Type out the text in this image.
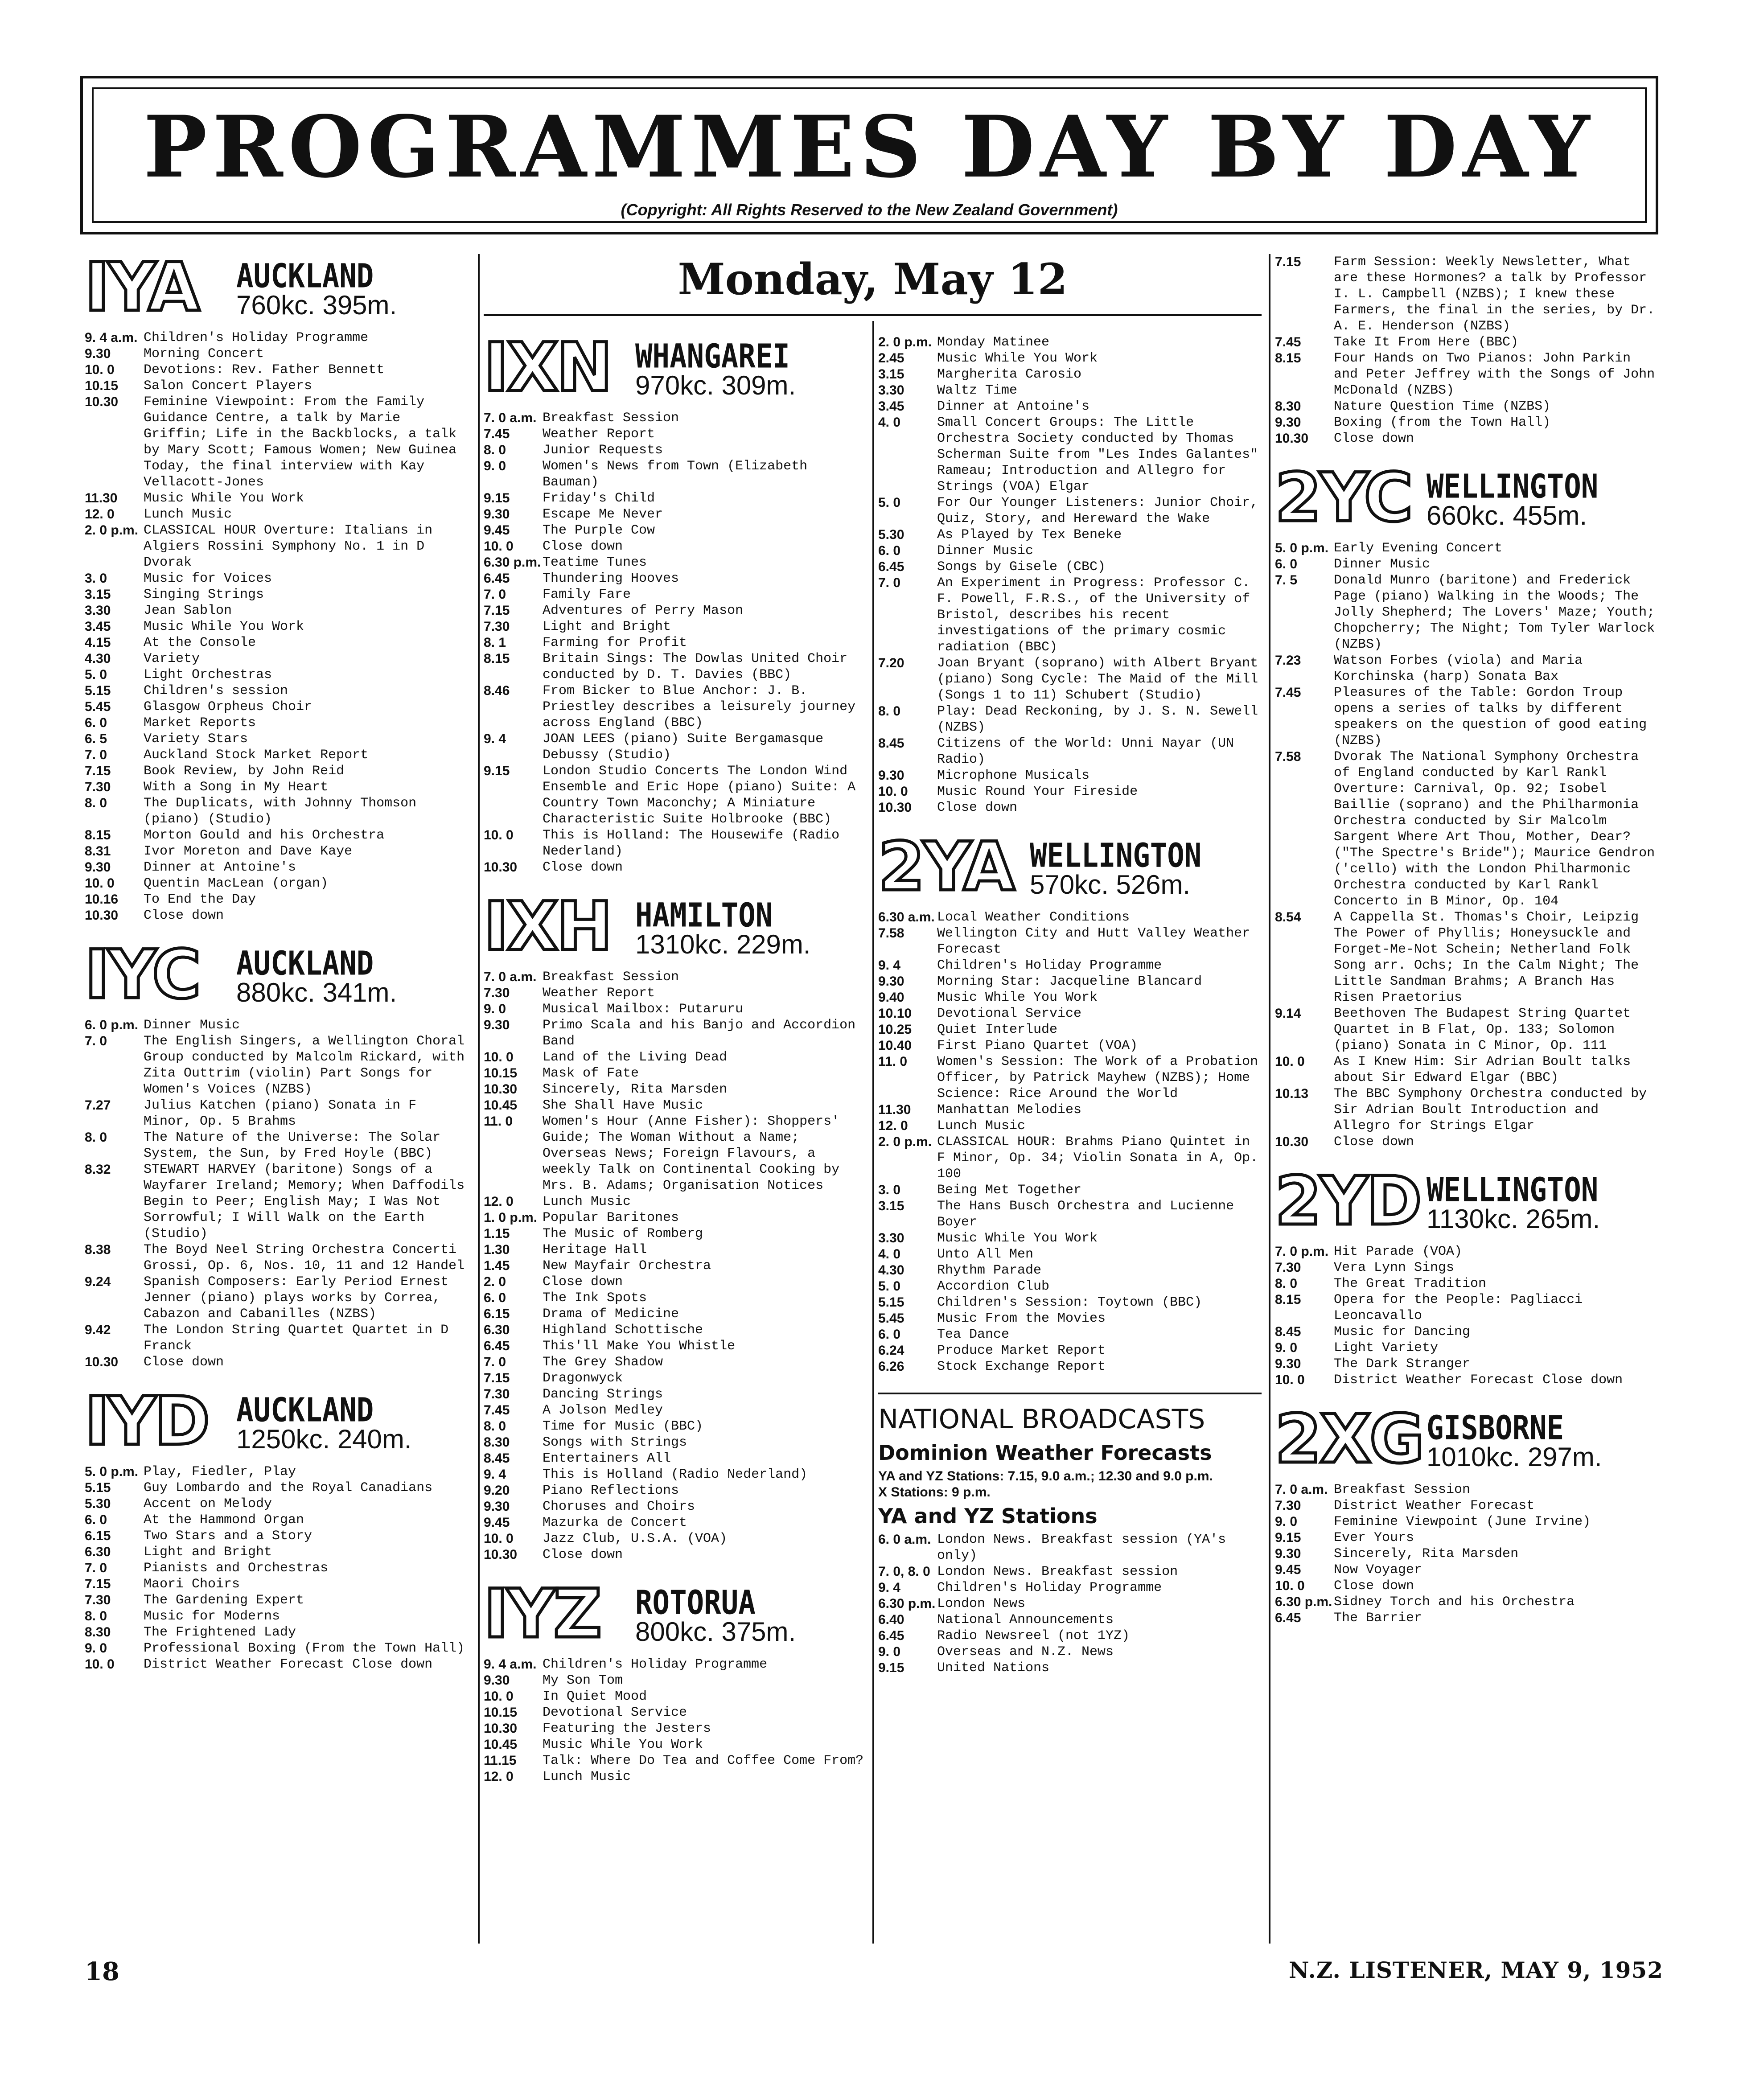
PROGRAMMES DAY BY DAY
(Copyright: All Rights Reserved to the New Zealand Government)
Monday, May 12
IYA AUCKLAND
760kc. 395m.
9. 4 a.m. Children's Holiday Programme
9.30	Morning Concert
10. 0	Devotions: Rev. Father Bennett
10.15	Salon Concert Players
10.30	Feminine Viewpoint: From the Family Guidance Centre, a talk by Marie Griffin; Life in the Backblocks, a talk by Mary Scott; Famous Women; New Guinea Today, the final interview with Kay Vellacott-Jones
11.30	Music While You Work
12. 0	Lunch Music
2. 0 p.m. CLASSICAL HOUR Overture: Italians in Algiers Rossini Symphony No. 1 in D Dvorak
3. 0	Music for Voices
3.15	Singing Strings
3.30	Jean Sablon
3.45	Music While You Work
4.15	At the Console
4.30	Variety
5. 0	Light Orchestras
5.15	Children's session
5.45	Glasgow Orpheus Choir
6. 0	Market Reports
6. 5	Variety Stars
7. 0	Auckland Stock Market Report
7.15	Book Review, by John Reid
7.30	With a Song in My Heart
8. 0	The Duplicats, with Johnny Thomson (piano) (Studio)
8.15	Morton Gould and his Orchestra
8.31	Ivor Moreton and Dave Kaye
9.30	Dinner at Antoine's
10. 0	Quentin MacLean (organ)
10.16	To End the Day
10.30	Close down
IYC AUCKLAND
880kc. 341m.
6. 0 p.m. Dinner Music
7. 0	The English Singers, a Wellington Choral Group conducted by Malcolm Rickard, with Zita Outtrim (violin) Part Songs for Women's Voices (NZBS)
7.27	Julius Katchen (piano) Sonata in F Minor, Op. 5 Brahms
8. 0	The Nature of the Universe: The Solar System, the Sun, by Fred Hoyle (BBC)
8.32	STEWART HARVEY (baritone) Songs of a Wayfarer Ireland; Memory; When Daffodils Begin to Peer; English May; I Was Not Sorrowful; I Will Walk on the Earth (Studio)
8.38	The Boyd Neel String Orchestra Concerti Grossi, Op. 6, Nos. 10, 11 and 12 Handel
9.24	Spanish Composers: Early Period Ernest Jenner (piano) plays works by Correa, Cabazon and Cabanilles (NZBS)
9.42	The London String Quartet Quartet in D Franck
10.30	Close down
IYD AUCKLAND
1250kc. 240m.
5. 0 p.m. Play, Fiedler, Play
5.15	Guy Lombardo and the Royal Canadians
5.30	Accent on Melody
6. 0	At the Hammond Organ
6.15	Two Stars and a Story
6.30	Light and Bright
7. 0	Pianists and Orchestras
7.15	Maori Choirs
7.30	The Gardening Expert
8. 0	Music for Moderns
8.30	The Frightened Lady
9. 0	Professional Boxing (From the Town Hall)
10. 0	District Weather Forecast Close down
IXN WHANGAREI
970kc. 309m.
7. 0 a.m. Breakfast Session
7.45	Weather Report
8. 0	Junior Requests
9. 0	Women's News from Town (Elizabeth Bauman)
9.15	Friday's Child
9.30	Escape Me Never
9.45	The Purple Cow
10. 0	Close down
6.30 p.m. Teatime Tunes
6.45	Thundering Hooves
7. 0	Family Fare
7.15	Adventures of Perry Mason
7.30	Light and Bright
8. 1	Farming for Profit
8.15	Britain Sings: The Dowlas United Choir conducted by D. T. Davies (BBC)
8.46	From Bicker to Blue Anchor: J. B. Priestley describes a leisurely journey across England (BBC)
9. 4	JOAN LEES (piano) Suite Bergamasque Debussy (Studio)
9.15	London Studio Concerts The London Wind Ensemble and Eric Hope (piano) Suite: A Country Town Maconchy; A Miniature Characteristic Suite Holbrooke (BBC)
10. 0	This is Holland: The Housewife (Radio Nederland)
10.30	Close down
IXH HAMILTON
1310kc. 229m.
7. 0 a.m. Breakfast Session
7.30	Weather Report
9. 0	Musical Mailbox: Putaruru
9.30	Primo Scala and his Banjo and Accordion Band
10. 0	Land of the Living Dead
10.15	Mask of Fate
10.30	Sincerely, Rita Marsden
10.45	She Shall Have Music
11. 0	Women's Hour (Anne Fisher): Shoppers' Guide; The Woman Without a Name; Overseas News; Foreign Flavours, a weekly Talk on Continental Cooking by Mrs. B. Adams; Organisation Notices
12. 0	Lunch Music
1. 0 p.m. Popular Baritones
1.15	The Music of Romberg
1.30	Heritage Hall
1.45	New Mayfair Orchestra
2. 0	Close down
6. 0	The Ink Spots
6.15	Drama of Medicine
6.30	Highland Schottische
6.45	This'll Make You Whistle
7. 0	The Grey Shadow
7.15	Dragonwyck
7.30	Dancing Strings
7.45	A Jolson Medley
8. 0	Time for Music (BBC)
8.30	Songs with Strings
8.45	Entertainers All
9. 4	This is Holland (Radio Nederland)
9.20	Piano Reflections
9.30	Choruses and Choirs
9.45	Mazurka de Concert
10. 0	Jazz Club, U.S.A. (VOA)
10.30	Close down
IYZ ROTORUA
800kc. 375m.
9. 4 a.m. Children's Holiday Programme
9.30	My Son Tom
10. 0	In Quiet Mood
10.15	Devotional Service
10.30	Featuring the Jesters
10.45	Music While You Work
11.15	Talk: Where Do Tea and Coffee Come From?
12. 0	Lunch Music
2. 0 p.m. Monday Matinee
2.45	Music While You Work
3.15	Margherita Carosio
3.30	Waltz Time
3.45	Dinner at Antoine's
4. 0	Small Concert Groups: The Little Orchestra Society conducted by Thomas Scherman Suite from "Les Indes Galantes" Rameau; Introduction and Allegro for Strings (VOA) Elgar
5. 0	For Our Younger Listeners: Junior Choir, Quiz, Story, and Hereward the Wake
5.30	As Played by Tex Beneke
6. 0	Dinner Music
6.45	Songs by Gisele (CBC)
7. 0	An Experiment in Progress: Professor C. F. Powell, F.R.S., of the University of Bristol, describes his recent investigations of the primary cosmic radiation (BBC)
7.20	Joan Bryant (soprano) with Albert Bryant (piano) Song Cycle: The Maid of the Mill (Songs 1 to 11) Schubert (Studio)
8. 0	Play: Dead Reckoning, by J. S. N. Sewell (NZBS)
8.45	Citizens of the World: Unni Nayar (UN Radio)
9.30	Microphone Musicals
10. 0	Music Round Your Fireside
10.30	Close down
2YA WELLINGTON
570kc. 526m.
6.30 a.m. Local Weather Conditions
7.58	Wellington City and Hutt Valley Weather Forecast
9. 4	Children's Holiday Programme
9.30	Morning Star: Jacqueline Blancard
9.40	Music While You Work
10.10	Devotional Service
10.25	Quiet Interlude
10.40	First Piano Quartet (VOA)
11. 0	Women's Session: The Work of a Probation Officer, by Patrick Mayhew (NZBS); Home Science: Rice Around the World
11.30	Manhattan Melodies
12. 0	Lunch Music
2. 0 p.m. CLASSICAL HOUR: Brahms Piano Quintet in F Minor, Op. 34; Violin Sonata in A, Op. 100
3. 0	Being Met Together
3.15	The Hans Busch Orchestra and Lucienne Boyer
3.30	Music While You Work
4. 0	Unto All Men
4.30	Rhythm Parade
5. 0	Accordion Club
5.15	Children's Session: Toytown (BBC)
5.45	Music From the Movies
6. 0	Tea Dance
6.24	Produce Market Report
6.26	Stock Exchange Report
NATIONAL BROADCASTS
Dominion Weather Forecasts
YA and YZ Stations: 7.15, 9.0 a.m.; 12.30 and 9.0 p.m.
X Stations: 9 p.m.
YA and YZ Stations
6. 0 a.m. London News. Breakfast session (YA's only)
7. 0, 8. 0 London News. Breakfast session
9. 4	Children's Holiday Programme
6.30 p.m. London News
6.40	National Announcements
6.45	Radio Newsreel (not 1YZ)
9. 0	Overseas and N.Z. News
9.15	United Nations
7.15	Farm Session: Weekly Newsletter, What are these Hormones? a talk by Professor I. L. Campbell (NZBS); I knew these Farmers, the final in the series, by Dr. A. E. Henderson (NZBS)
7.45	Take It From Here (BBC)
8.15	Four Hands on Two Pianos: John Parkin and Peter Jeffrey with the Songs of John McDonald (NZBS)
8.30	Nature Question Time (NZBS)
9.30	Boxing (from the Town Hall)
10.30	Close down
2YC WELLINGTON
660kc. 455m.
5. 0 p.m. Early Evening Concert
6. 0	Dinner Music
7. 5	Donald Munro (baritone) and Frederick Page (piano) Walking in the Woods; The Jolly Shepherd; The Lovers' Maze; Youth; Chopcherry; The Night; Tom Tyler Warlock (NZBS)
7.23	Watson Forbes (viola) and Maria Korchinska (harp) Sonata Bax
7.45	Pleasures of the Table: Gordon Troup opens a series of talks by different speakers on the question of good eating (NZBS)
7.58	Dvorak The National Symphony Orchestra of England conducted by Karl Rankl Overture: Carnival, Op. 92; Isobel Baillie (soprano) and the Philharmonia Orchestra conducted by Sir Malcolm Sargent Where Art Thou, Mother, Dear? ("The Spectre's Bride"); Maurice Gendron ('cello) with the London Philharmonic Orchestra conducted by Karl Rankl Concerto in B Minor, Op. 104
8.54	A Cappella St. Thomas's Choir, Leipzig The Power of Phyllis; Honeysuckle and Forget-Me-Not Schein; Netherland Folk Song arr. Ochs; In the Calm Night; The Little Sandman Brahms; A Branch Has Risen Praetorius
9.14	Beethoven The Budapest String Quartet Quartet in B Flat, Op. 133; Solomon (piano) Sonata in C Minor, Op. 111
10. 0	As I Knew Him: Sir Adrian Boult talks about Sir Edward Elgar (BBC)
10.13	The BBC Symphony Orchestra conducted by Sir Adrian Boult Introduction and Allegro for Strings Elgar
10.30	Close down
2YD WELLINGTON
1130kc. 265m.
7. 0 p.m. Hit Parade (VOA)
7.30	Vera Lynn Sings
8. 0	The Great Tradition
8.15	Opera for the People: Pagliacci Leoncavallo
8.45	Music for Dancing
9. 0	Light Variety
9.30	The Dark Stranger
10. 0	District Weather Forecast Close down
2XG GISBORNE
1010kc. 297m.
7. 0 a.m. Breakfast Session
7.30	District Weather Forecast
9. 0	Feminine Viewpoint (June Irvine)
9.15	Ever Yours
9.30	Sincerely, Rita Marsden
9.45	Now Voyager
10. 0	Close down
6.30 p.m. Sidney Torch and his Orchestra
6.45	The Barrier
18	N.Z. LISTENER, MAY 9, 1952
